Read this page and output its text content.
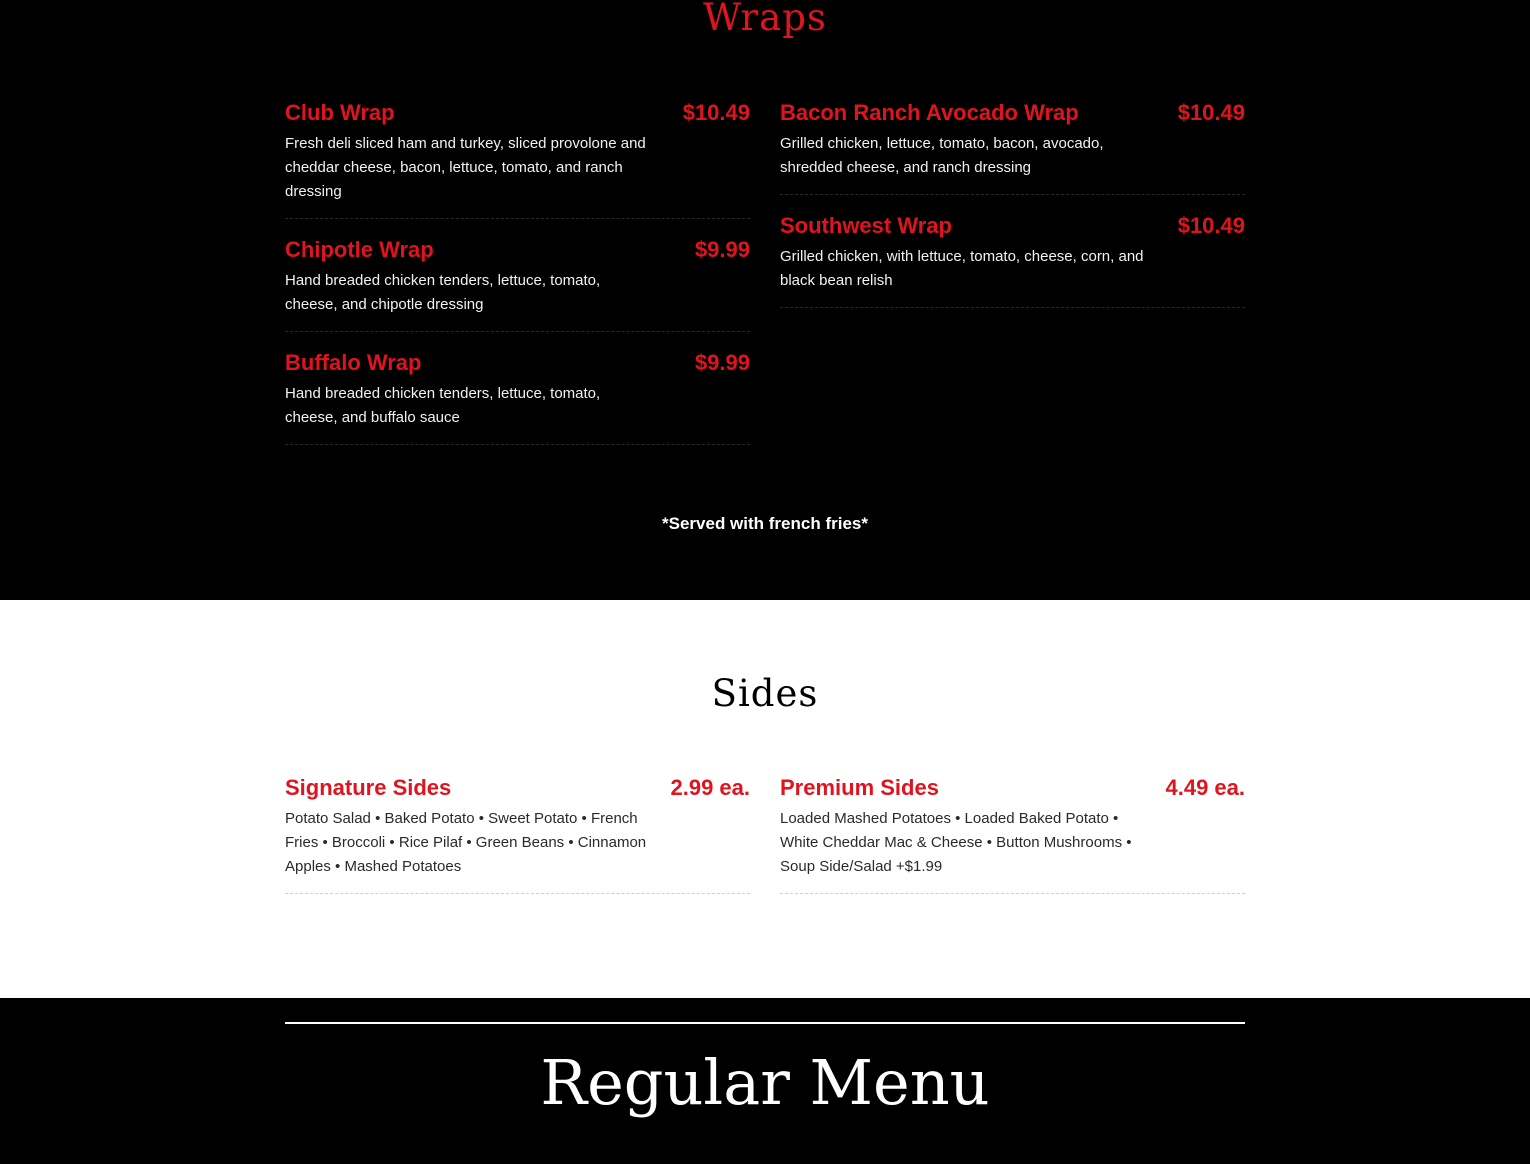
Wraps
Club Wrap	$10.49
Fresh deli sliced ham and turkey, sliced provolone and cheddar cheese, bacon, lettuce, tomato, and ranch dressing
Chipotle Wrap	$9.99
Hand breaded chicken tenders, lettuce, tomato, cheese, and chipotle dressing
Buffalo Wrap	$9.99
Hand breaded chicken tenders, lettuce, tomato, cheese, and buffalo sauce
Bacon Ranch Avocado Wrap	$10.49
Grilled chicken, lettuce, tomato, bacon, avocado, shredded cheese, and ranch dressing
Southwest Wrap	$10.49
Grilled chicken, with lettuce, tomato, cheese, corn, and black bean relish
*Served with french fries*
Sides
Signature Sides	2.99 ea.
Potato Salad • Baked Potato • Sweet Potato • French Fries • Broccoli • Rice Pilaf • Green Beans • Cinnamon Apples • Mashed Potatoes
Premium Sides	4.49 ea.
Loaded Mashed Potatoes • Loaded Baked Potato • White Cheddar Mac & Cheese • Button Mushrooms • Soup Side/Salad +$1.99
Regular Menu
